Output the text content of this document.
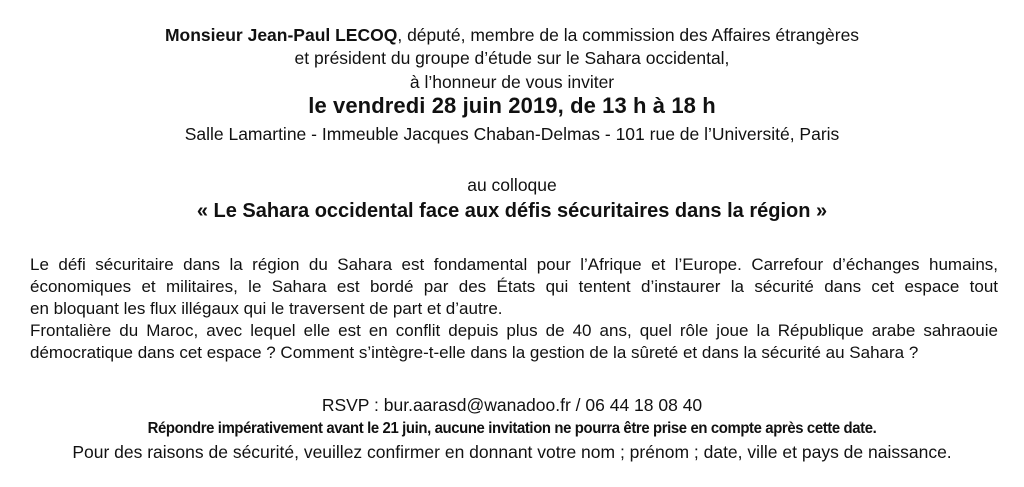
Monsieur Jean-Paul LECOQ, député, membre de la commission des Affaires étrangères
et président du groupe d’étude sur le Sahara occidental,
à l’honneur de vous inviter
le vendredi 28 juin 2019, de 13 h à 18 h
Salle Lamartine - Immeuble Jacques Chaban-Delmas - 101 rue de l’Université, Paris
au colloque
« Le Sahara occidental face aux défis sécuritaires dans la région »
Le défi sécuritaire dans la région du Sahara est fondamental pour l’Afrique et l’Europe. Carrefour d’échanges humains,
économiques et militaires, le Sahara est bordé par des États qui tentent d’instaurer la sécurité dans cet espace tout
en bloquant les flux illégaux qui le traversent de part et d’autre.
Frontalière du Maroc, avec lequel elle est en conflit depuis plus de 40 ans, quel rôle joue la République arabe sahraouie
démocratique dans cet espace ? Comment s’intègre-t-elle dans la gestion de la sûreté et dans la sécurité au Sahara ?
RSVP : bur.aarasd@wanadoo.fr / 06 44 18 08 40
Répondre impérativement avant le 21 juin, aucune invitation ne pourra être prise en compte après cette date.
Pour des raisons de sécurité, veuillez confirmer en donnant votre nom ; prénom ; date, ville et pays de naissance.
